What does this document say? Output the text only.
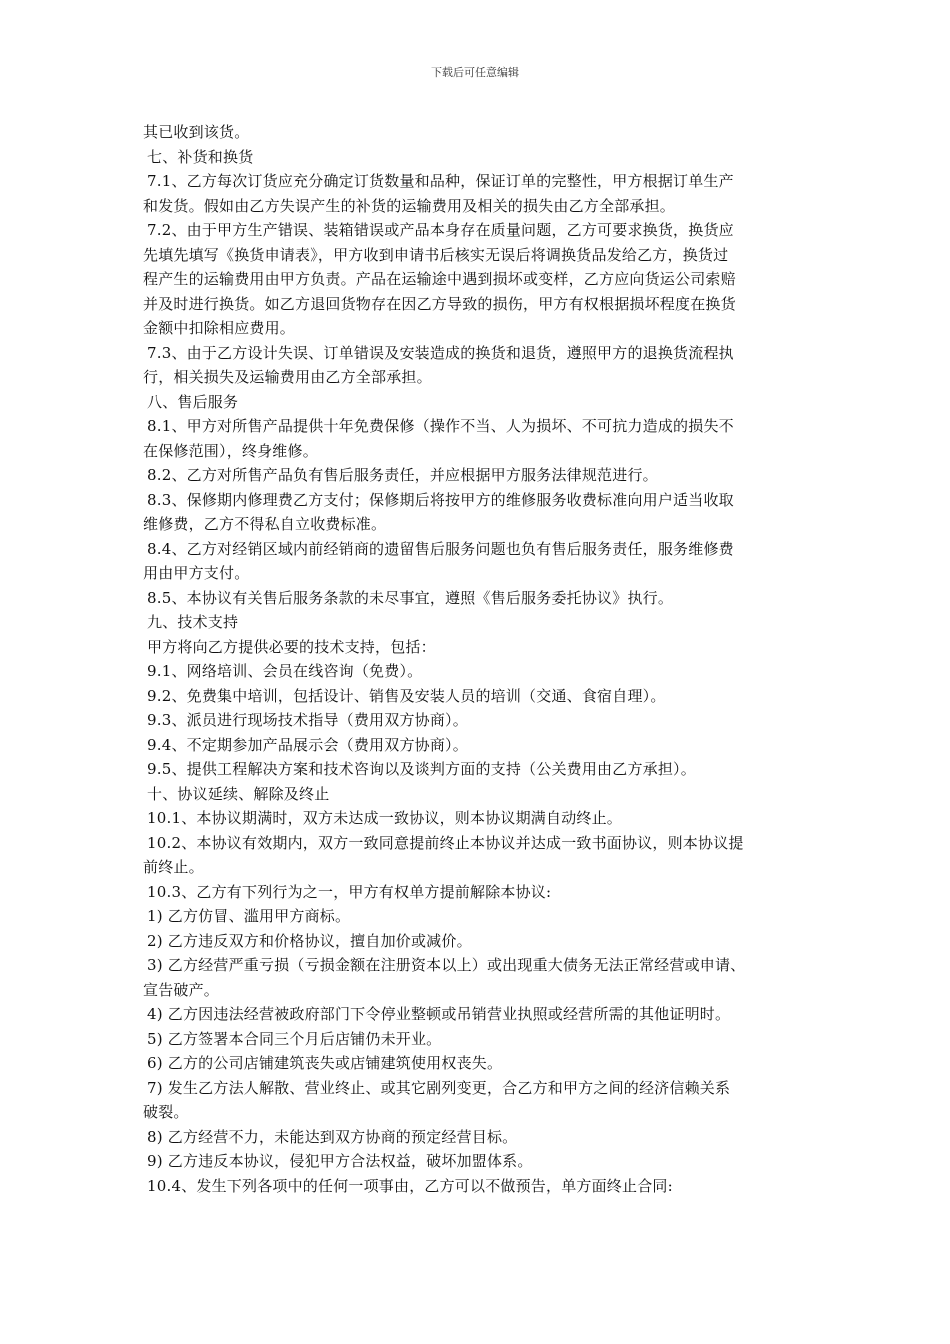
下载后可任意编辑
其已收到该货。
七、补货和换货
7.1、乙方每次订货应充分确定订货数量和品种，保证订单的完整性，甲方根据订单生产
和发货。假如由乙方失误产生的补货的运输费用及相关的损失由乙方全部承担。
7.2、由于甲方生产错误、装箱错误或产品本身存在质量问题，乙方可要求换货，换货应
先填先填写《换货申请表》，甲方收到申请书后核实无误后将调换货品发给乙方，换货过
程产生的运输费用由甲方负责。产品在运输途中遇到损坏或变样，乙方应向货运公司索赔
并及时进行换货。如乙方退回货物存在因乙方导致的损伤，甲方有权根据损坏程度在换货
金额中扣除相应费用。
7.3、由于乙方设计失误、订单错误及安装造成的换货和退货，遵照甲方的退换货流程执
行，相关损失及运输费用由乙方全部承担。
八、售后服务
8.1、甲方对所售产品提供十年免费保修（操作不当、人为损坏、不可抗力造成的损失不
在保修范围），终身维修。
8.2、乙方对所售产品负有售后服务责任，并应根据甲方服务法律规范进行。
8.3、保修期内修理费乙方支付；保修期后将按甲方的维修服务收费标准向用户适当收取
维修费，乙方不得私自立收费标准。
8.4、乙方对经销区域内前经销商的遗留售后服务问题也负有售后服务责任，服务维修费
用由甲方支付。
8.5、本协议有关售后服务条款的未尽事宜，遵照《售后服务委托协议》执行。
九、技术支持
甲方将向乙方提供必要的技术支持，包括：
9.1、网络培训、会员在线咨询（免费）。
9.2、免费集中培训，包括设计、销售及安装人员的培训（交通、食宿自理）。
9.3、派员进行现场技术指导（费用双方协商）。
9.4、不定期参加产品展示会（费用双方协商）。
9.5、提供工程解决方案和技术咨询以及谈判方面的支持（公关费用由乙方承担）。
十、协议延续、解除及终止
10.1、本协议期满时，双方未达成一致协议，则本协议期满自动终止。
10.2、本协议有效期内，双方一致同意提前终止本协议并达成一致书面协议，则本协议提
前终止。
10.3、乙方有下列行为之一，甲方有权单方提前解除本协议:
1) 乙方仿冒、滥用甲方商标。
2) 乙方违反双方和价格协议，擅自加价或减价。
3) 乙方经营严重亏损（亏损金额在注册资本以上）或出现重大债务无法正常经营或申请、
宣告破产。
4) 乙方因违法经营被政府部门下令停业整顿或吊销营业执照或经营所需的其他证明时。
5) 乙方签署本合同三个月后店铺仍未开业。
6) 乙方的公司店铺建筑丧失或店铺建筑使用权丧失。
7) 发生乙方法人解散、营业终止、或其它剧列变更，合乙方和甲方之间的经济信赖关系
破裂。
8) 乙方经营不力，未能达到双方协商的预定经营目标。
9) 乙方违反本协议，侵犯甲方合法权益，破坏加盟体系。
10.4、发生下列各项中的任何一项事由，乙方可以不做预告，单方面终止合同:
